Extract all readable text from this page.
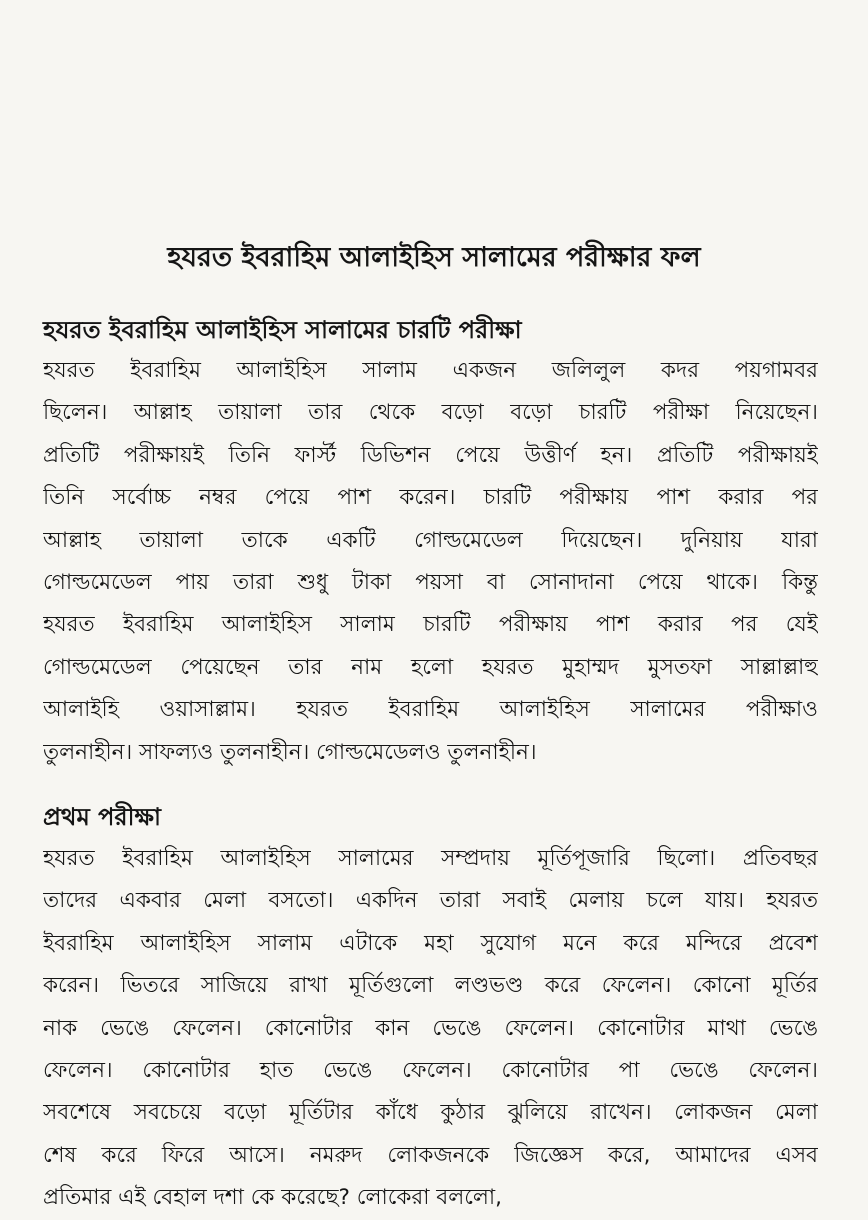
হযরত ইবরাহিম আলাইহিস সালামের পরীক্ষার ফল
হযরত ইবরাহিম আলাইহিস সালামের চারটি পরীক্ষা
হযরত ইবরাহিম আলাইহিস সালাম একজন জলিলুল কদর পয়গামবর
ছিলেন। আল্লাহ তায়ালা তার থেকে বড়ো বড়ো চারটি পরীক্ষা নিয়েছেন।
প্রতিটি পরীক্ষায়ই তিনি ফার্স্ট ডিভিশন পেয়ে উত্তীর্ণ হন। প্রতিটি পরীক্ষায়ই
তিনি সর্বোচ্চ নম্বর পেয়ে পাশ করেন। চারটি পরীক্ষায় পাশ করার পর
আল্লাহ তায়ালা তাকে একটি গোল্ডমেডেল দিয়েছেন। দুনিয়ায় যারা
গোল্ডমেডেল পায় তারা শুধু টাকা পয়সা বা সোনাদানা পেয়ে থাকে। কিন্তু
হযরত ইবরাহিম আলাইহিস সালাম চারটি পরীক্ষায় পাশ করার পর যেই
গোল্ডমেডেল পেয়েছেন তার নাম হলো হযরত মুহাম্মদ মুসতফা সাল্লাল্লাহু
আলাইহি ওয়াসাল্লাম। হযরত ইবরাহিম আলাইহিস সালামের পরীক্ষাও
তুলনাহীন। সাফল্যও তুলনাহীন। গোল্ডমেডেলও তুলনাহীন।
প্রথম পরীক্ষা
হযরত ইবরাহিম আলাইহিস সালামের সম্প্রদায় মূর্তিপূজারি ছিলো। প্রতিবছর
তাদের একবার মেলা বসতো। একদিন তারা সবাই মেলায় চলে যায়। হযরত
ইবরাহিম আলাইহিস সালাম এটাকে মহা সুযোগ মনে করে মন্দিরে প্রবেশ
করেন। ভিতরে সাজিয়ে রাখা মূর্তিগুলো লণ্ডভণ্ড করে ফেলেন। কোনো মূর্তির
নাক ভেঙে ফেলেন। কোনোটার কান ভেঙে ফেলেন। কোনোটার মাথা ভেঙে
ফেলেন। কোনোটার হাত ভেঙে ফেলেন। কোনোটার পা ভেঙে ফেলেন।
সবশেষে সবচেয়ে বড়ো মূর্তিটার কাঁধে কুঠার ঝুলিয়ে রাখেন। লোকজন মেলা
শেষ করে ফিরে আসে। নমরুদ লোকজনকে জিজ্ঞেস করে, আমাদের এসব
প্রতিমার এই বেহাল দশা কে করেছে? লোকেরা বললো,
